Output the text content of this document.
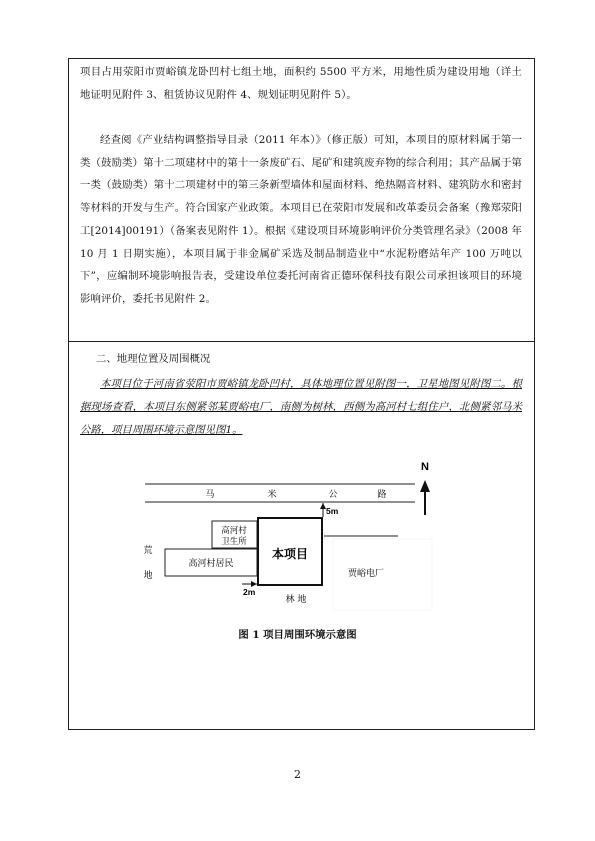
项目占用荥阳市贾峪镇龙卧凹村七组土地，面积约 5500 平方米，用地性质为建设用地（详土地证明见附件 3、租赁协议见附件 4、规划证明见附件 5）。

经查阅《产业结构调整指导目录（2011 年本）》（修正版）可知，本项目的原材料属于第一类（鼓励类）第十二项建材中的第十一条废矿石、尾矿和建筑废弃物的综合利用；其产品属于第一类（鼓励类）第十二项建材中的第三条新型墙体和屋面材料、绝热隔音材料、建筑防水和密封等材料的开发与生产。符合国家产业政策。本项目已在荥阳市发展和改革委员会备案（豫郑荥阳工[2014]00191）（备案表见附件 1）。根据《建设项目环境影响评价分类管理名录》（2008 年 10 月 1 日期实施），本项目属于非金属矿采选及制品制造业中“水泥粉磨站年产 100 万吨以下”，应编制环境影响报告表，受建设单位委托河南省正德环保科技有限公司承担该项目的环境影响评价，委托书见附件 2。

二、地理位置及周围概况

本项目位于河南省荥阳市贾峪镇龙卧凹村，具体地理位置见附图一，卫星地图见附图二。根据现场查看，本项目东侧紧邻某贾峪电厂，南侧为树林，西侧为高河村七组住户，北侧紧邻马米公路，项目周围环境示意图见图1。

马	米	公	路
N
5m
高河村
卫生所
高河村居民
荒
地
本项目
贾峪电厂
2m
林 地

图 1 项目周围环境示意图

2
